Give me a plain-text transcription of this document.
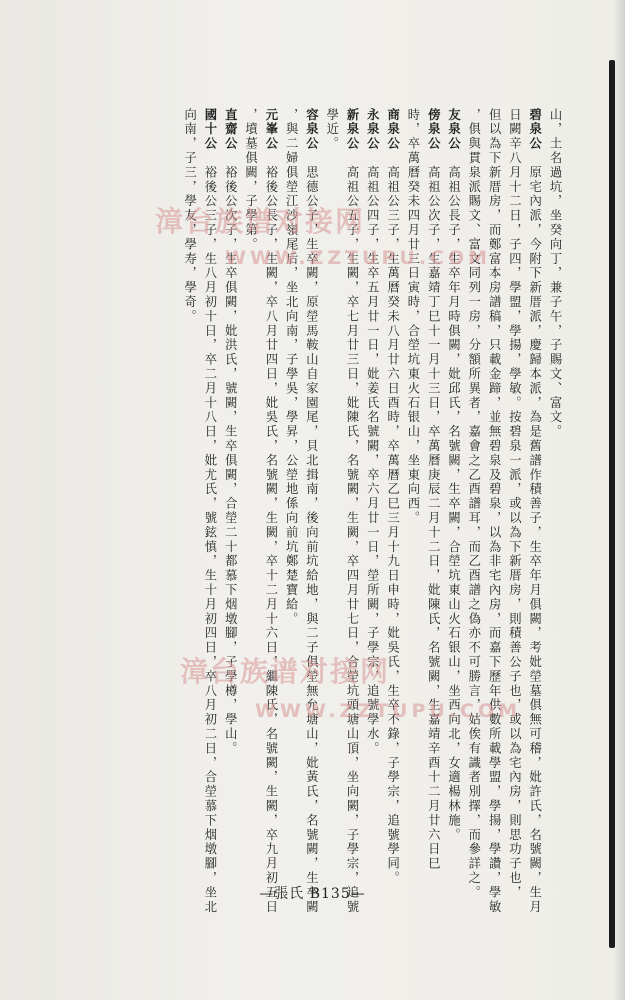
山，土名過坑，坐癸向丁，兼子午，子賜文、富文。
碧泉公　原宅內派，今附下新厝派，慶歸本派，為是舊譜作積善子，生卒年月俱闕，考妣塋墓俱無可稽，妣許氏，名號闕，生月
日闕辛八月十二日，子四，學盟，學揚，學敏。按碧泉一派，或以為下新厝房，則積善公子也，或以為宅內房，則思功子也，
但以為下新厝房，而鄭富本房譜稿，只載金蹄，並無碧泉及碧泉，以為非宅內房，而嘉下歷年供數所載學盟，學揚，學讚，學敏
，俱與貫泉派賜文、富文同列一房，分額所異者，嘉會之乙酉譜耳，而乙酉譜之偽亦不可勝言，姑俟有識者別擇，而參詳之。
友泉公　高祖公長子，生卒年月時俱闕，妣邱氏，名號闕，生卒闕，合塋坑東山火石银山，坐西向北，女適楊林施。
傍泉公　高祖公次子，生嘉靖丁巳十一月十三日，卒萬曆庚辰二月十二日，妣陳氏，名號闕，生嘉靖辛酉十二月廿六日巳
時，卒萬曆癸未四月廿三日寅時，合塋坑東火石银山，坐東向西。
商泉公　高祖公三子，生萬曆癸未八月廿六日酉時，卒萬曆乙巳三月十九日申時，妣吳氏，生卒不錄，子學宗，追號學同。
永泉公　高祖公四子，生卒五月廿一日，妣姜氏名號闕，卒六月廿一日，塋所闕，子學宗，追號學水。
新泉公　高祖公五子，生闕，卒七月廿三日，妣陳氏，名號闕，生闕，卒四月廿七日，合塋坑頭塘山頂，坐向闕，子學宗，追號
學近。
容泉公　思德公子，生卒闕，原塋馬鞍山自家園尾，貝北揖南，後向前坑給地，與二子俱塋無允塘山，妣黃氏，名號闕，生卒闕
，與二婦俱塋江沙嶺尾后，坐北向南，子學吳，學昇，公塋地係向前坑鄭楚寶給。
元峯公　裕後公長子，生闕，卒八月廿四日，妣吳氏，名號闕，生闕，卒十二月十六日，繼陳氏，名號闕，生闕，卒九月初五日
，墳墓俱闕，子學第。
直齋公　裕後公次子，生卒俱闕，妣洪氏，號闕，生卒俱闕，合塋二十都慕下烟墩腳，子學樽，學山。
國十公　裕後公三子，生八月初十日，卒二月十八日，妣尤氏，號鉉慎，生十月初四日，卒八月初二日，合塋慕下烟墩腳，坐北
向南，子三，學友，學寿，學奇。
漳台族谱对接网
WWW.ZZTUPU.COM
漳台族谱对接网
WWW.ZZTUPU.COM
—張氏 B135—
